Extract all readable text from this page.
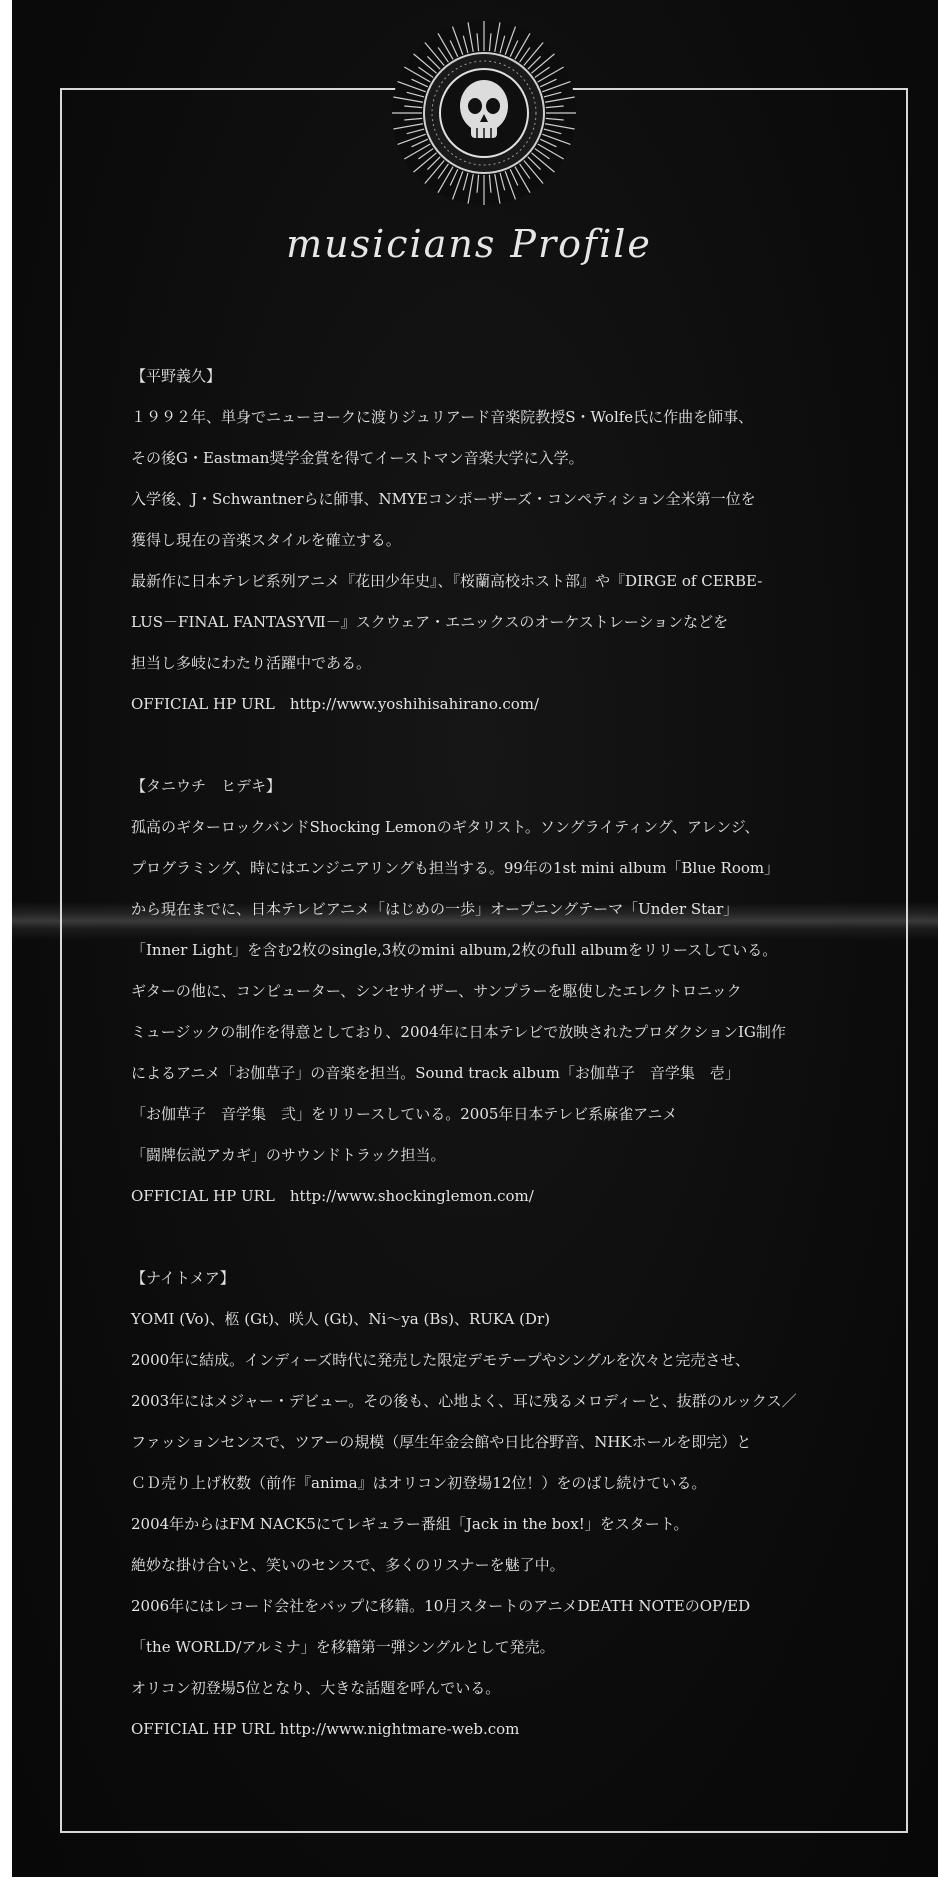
musicians Profile
【平野義久】
１９９２年、単身でニューヨークに渡りジュリアード音楽院教授S・Wolfe氏に作曲を師事、
その後G・Eastman奨学金賞を得てイーストマン音楽大学に入学。
入学後、J・Schwantnerらに師事、NMYEコンポーザーズ・コンペティション全米第一位を
獲得し現在の音楽スタイルを確立する。
最新作に日本テレビ系列アニメ『花田少年史』、『桜蘭高校ホスト部』や『DIRGE of CERBE-
LUS－FINAL FANTASYⅦ－』スクウェア・エニックスのオーケストレーションなどを
担当し多岐にわたり活躍中である。
OFFICIAL HP URL　http://www.yoshihisahirano.com/
【タニウチ　ヒデキ】
孤高のギターロックバンドShocking Lemonのギタリスト。ソングライティング、アレンジ、
プログラミング、時にはエンジニアリングも担当する。99年の1st mini album「Blue Room」
から現在までに、日本テレビアニメ「はじめの一歩」オープニングテーマ「Under Star」
「Inner Light」を含む2枚のsingle,3枚のmini album,2枚のfull albumをリリースしている。
ギターの他に、コンピューター、シンセサイザー、サンプラーを駆使したエレクトロニック
ミュージックの制作を得意としており、2004年に日本テレビで放映されたプロダクションIG制作
によるアニメ「お伽草子」の音楽を担当。Sound track album「お伽草子　音学集　壱」
「お伽草子　音学集　弐」をリリースしている。2005年日本テレビ系麻雀アニメ
「闘牌伝説アカギ」のサウンドトラック担当。
OFFICIAL HP URL　http://www.shockinglemon.com/
【ナイトメア】
YOMI (Vo)、柩 (Gt)、咲人 (Gt)、Ni～ya (Bs)、RUKA (Dr)
2000年に結成。インディーズ時代に発売した限定デモテープやシングルを次々と完売させ、
2003年にはメジャー・デビュー。その後も、心地よく、耳に残るメロディーと、抜群のルックス／
ファッションセンスで、ツアーの規模（厚生年金会館や日比谷野音、NHKホールを即完）と
ＣＤ売り上げ枚数（前作『anima』はオリコン初登場12位！）をのばし続けている。
2004年からはFM NACK5にてレギュラー番組「Jack in the box!」をスタート。
絶妙な掛け合いと、笑いのセンスで、多くのリスナーを魅了中。
2006年にはレコード会社をバップに移籍。10月スタートのアニメDEATH NOTEのOP/ED
「the WORLD/アルミナ」を移籍第一弾シングルとして発売。
オリコン初登場5位となり、大きな話題を呼んでいる。
OFFICIAL HP URL http://www.nightmare-web.com
